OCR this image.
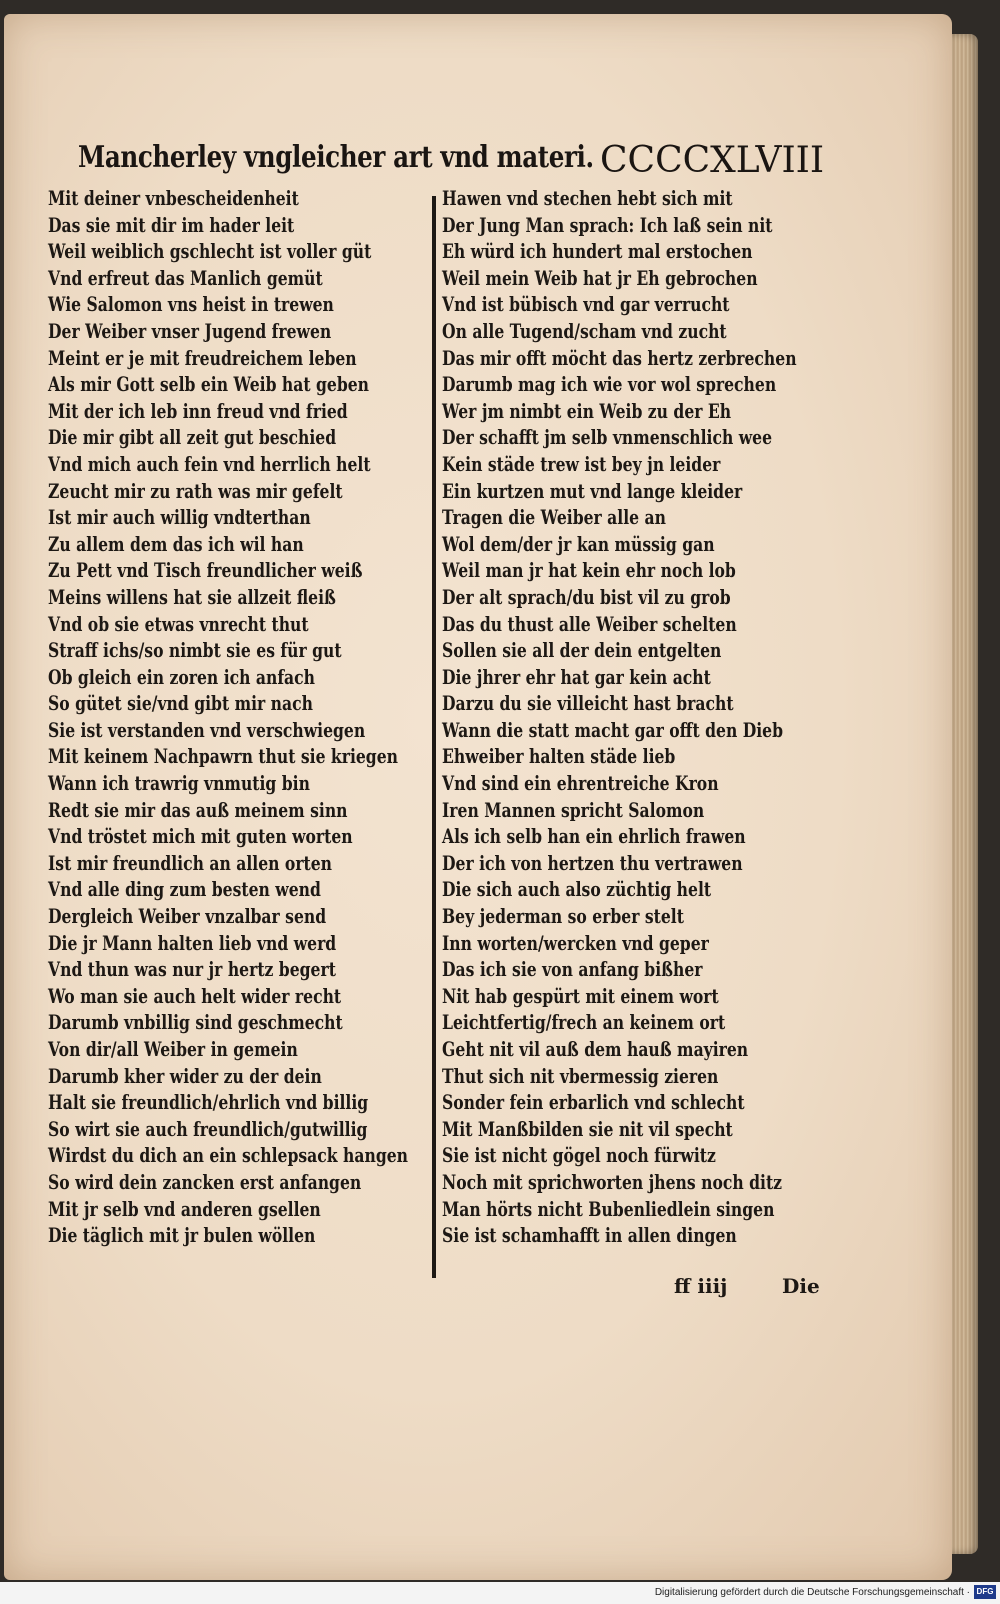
Mancherley vngleicher art vnd materi. CCCCXLVIII
Mit deiner vnbescheidenheit
Das sie mit dir im hader leit
Weil weiblich gschlecht ist voller güt
Vnd erfreut das Manlich gemüt
Wie Salomon vns heist in trewen
Der Weiber vnser Jugend frewen
Meint er je mit freudreichem leben
Als mir Gott selb ein Weib hat geben
Mit der ich leb inn freud vnd fried
Die mir gibt all zeit gut beschied
Vnd mich auch fein vnd herrlich helt
Zeucht mir zu rath was mir gefelt
Ist mir auch willig vndterthan
Zu allem dem das ich wil han
Zu Pett vnd Tisch freundlicher weiß
Meins willens hat sie allzeit fleiß
Vnd ob sie etwas vnrecht thut
Straff ichs/so nimbt sie es für gut
Ob gleich ein zoren ich anfach
So gütet sie/vnd gibt mir nach
Sie ist verstanden vnd verschwiegen
Mit keinem Nachpawrn thut sie kriegen
Wann ich trawrig vnmutig bin
Redt sie mir das auß meinem sinn
Vnd tröstet mich mit guten worten
Ist mir freundlich an allen orten
Vnd alle ding zum besten wend
Dergleich Weiber vnzalbar send
Die jr Mann halten lieb vnd werd
Vnd thun was nur jr hertz begert
Wo man sie auch helt wider recht
Darumb vnbillig sind geschmecht
Von dir/all Weiber in gemein
Darumb kher wider zu der dein
Halt sie freundlich/ehrlich vnd billig
So wirt sie auch freundlich/gutwillig
Wirdst du dich an ein schlepsack hangen
So wird dein zancken erst anfangen
Mit jr selb vnd anderen gsellen
Die täglich mit jr bulen wöllen
Hawen vnd stechen hebt sich mit
Der Jung Man sprach: Ich laß sein nit
Eh würd ich hundert mal erstochen
Weil mein Weib hat jr Eh gebrochen
Vnd ist bübisch vnd gar verrucht
On alle Tugend/scham vnd zucht
Das mir offt möcht das hertz zerbrechen
Darumb mag ich wie vor wol sprechen
Wer jm nimbt ein Weib zu der Eh
Der schafft jm selb vnmenschlich wee
Kein städe trew ist bey jn leider
Ein kurtzen mut vnd lange kleider
Tragen die Weiber alle an
Wol dem/der jr kan müssig gan
Weil man jr hat kein ehr noch lob
Der alt sprach/du bist vil zu grob
Das du thust alle Weiber schelten
Sollen sie all der dein entgelten
Die jhrer ehr hat gar kein acht
Darzu du sie villeicht hast bracht
Wann die statt macht gar offt den Dieb
Ehweiber halten städe lieb
Vnd sind ein ehrentreiche Kron
Iren Mannen spricht Salomon
Als ich selb han ein ehrlich frawen
Der ich von hertzen thu vertrawen
Die sich auch also züchtig helt
Bey jederman so erber stelt
Inn worten/wercken vnd geper
Das ich sie von anfang bißher
Nit hab gespürt mit einem wort
Leichtfertig/frech an keinem ort
Geht nit vil auß dem hauß mayiren
Thut sich nit vbermessig zieren
Sonder fein erbarlich vnd schlecht
Mit Manßbilden sie nit vil specht
Sie ist nicht gögel noch fürwitz
Noch mit sprichworten jhens noch ditz
Man hörts nicht Bubenliedlein singen
Sie ist schamhafft in allen dingen
ff iiij	Die
Digitalisierung gefördert durch die Deutsche Forschungsgemeinschaft · DFG
